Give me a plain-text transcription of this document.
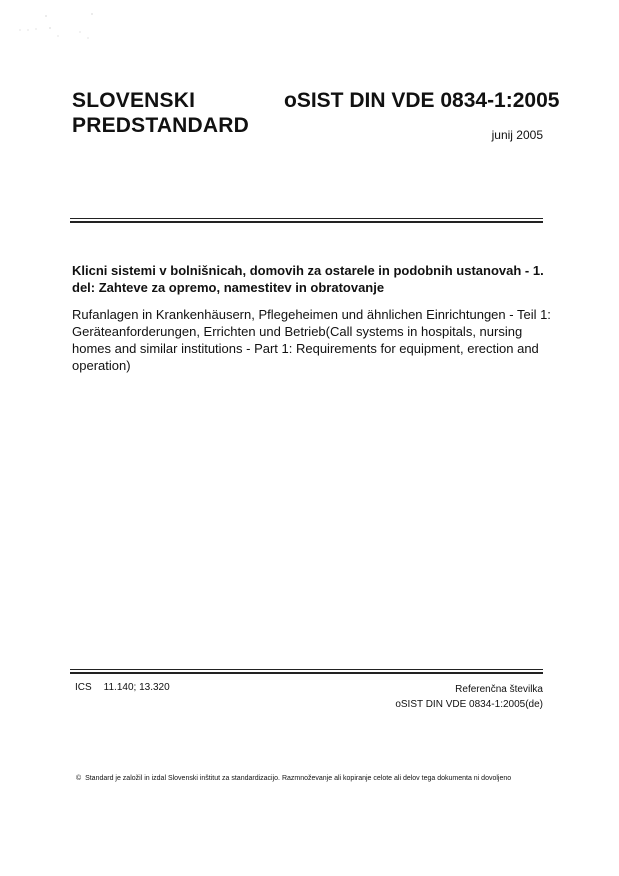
SLOVENSKI
PREDSTANDARD
oSIST DIN VDE 0834-1:2005
junij 2005
Klicni sistemi v bolnišnicah, domovih za ostarele in podobnih ustanovah - 1. del: Zahteve za opremo, namestitev in obratovanje
Rufanlagen in Krankenhäusern, Pflegeheimen und ähnlichen Einrichtungen - Teil 1: Geräteanforderungen, Errichten und Betrieb(Call systems in hospitals, nursing homes and similar institutions - Part 1: Requirements for equipment, erection and operation)
ICS 11.140; 13.320	Referenčna številka
oSIST DIN VDE 0834-1:2005(de)
© Standard je založil in izdal Slovenski inštitut za standardizacijo. Razmnoževanje ali kopiranje celote ali delov tega dokumenta ni dovoljeno
